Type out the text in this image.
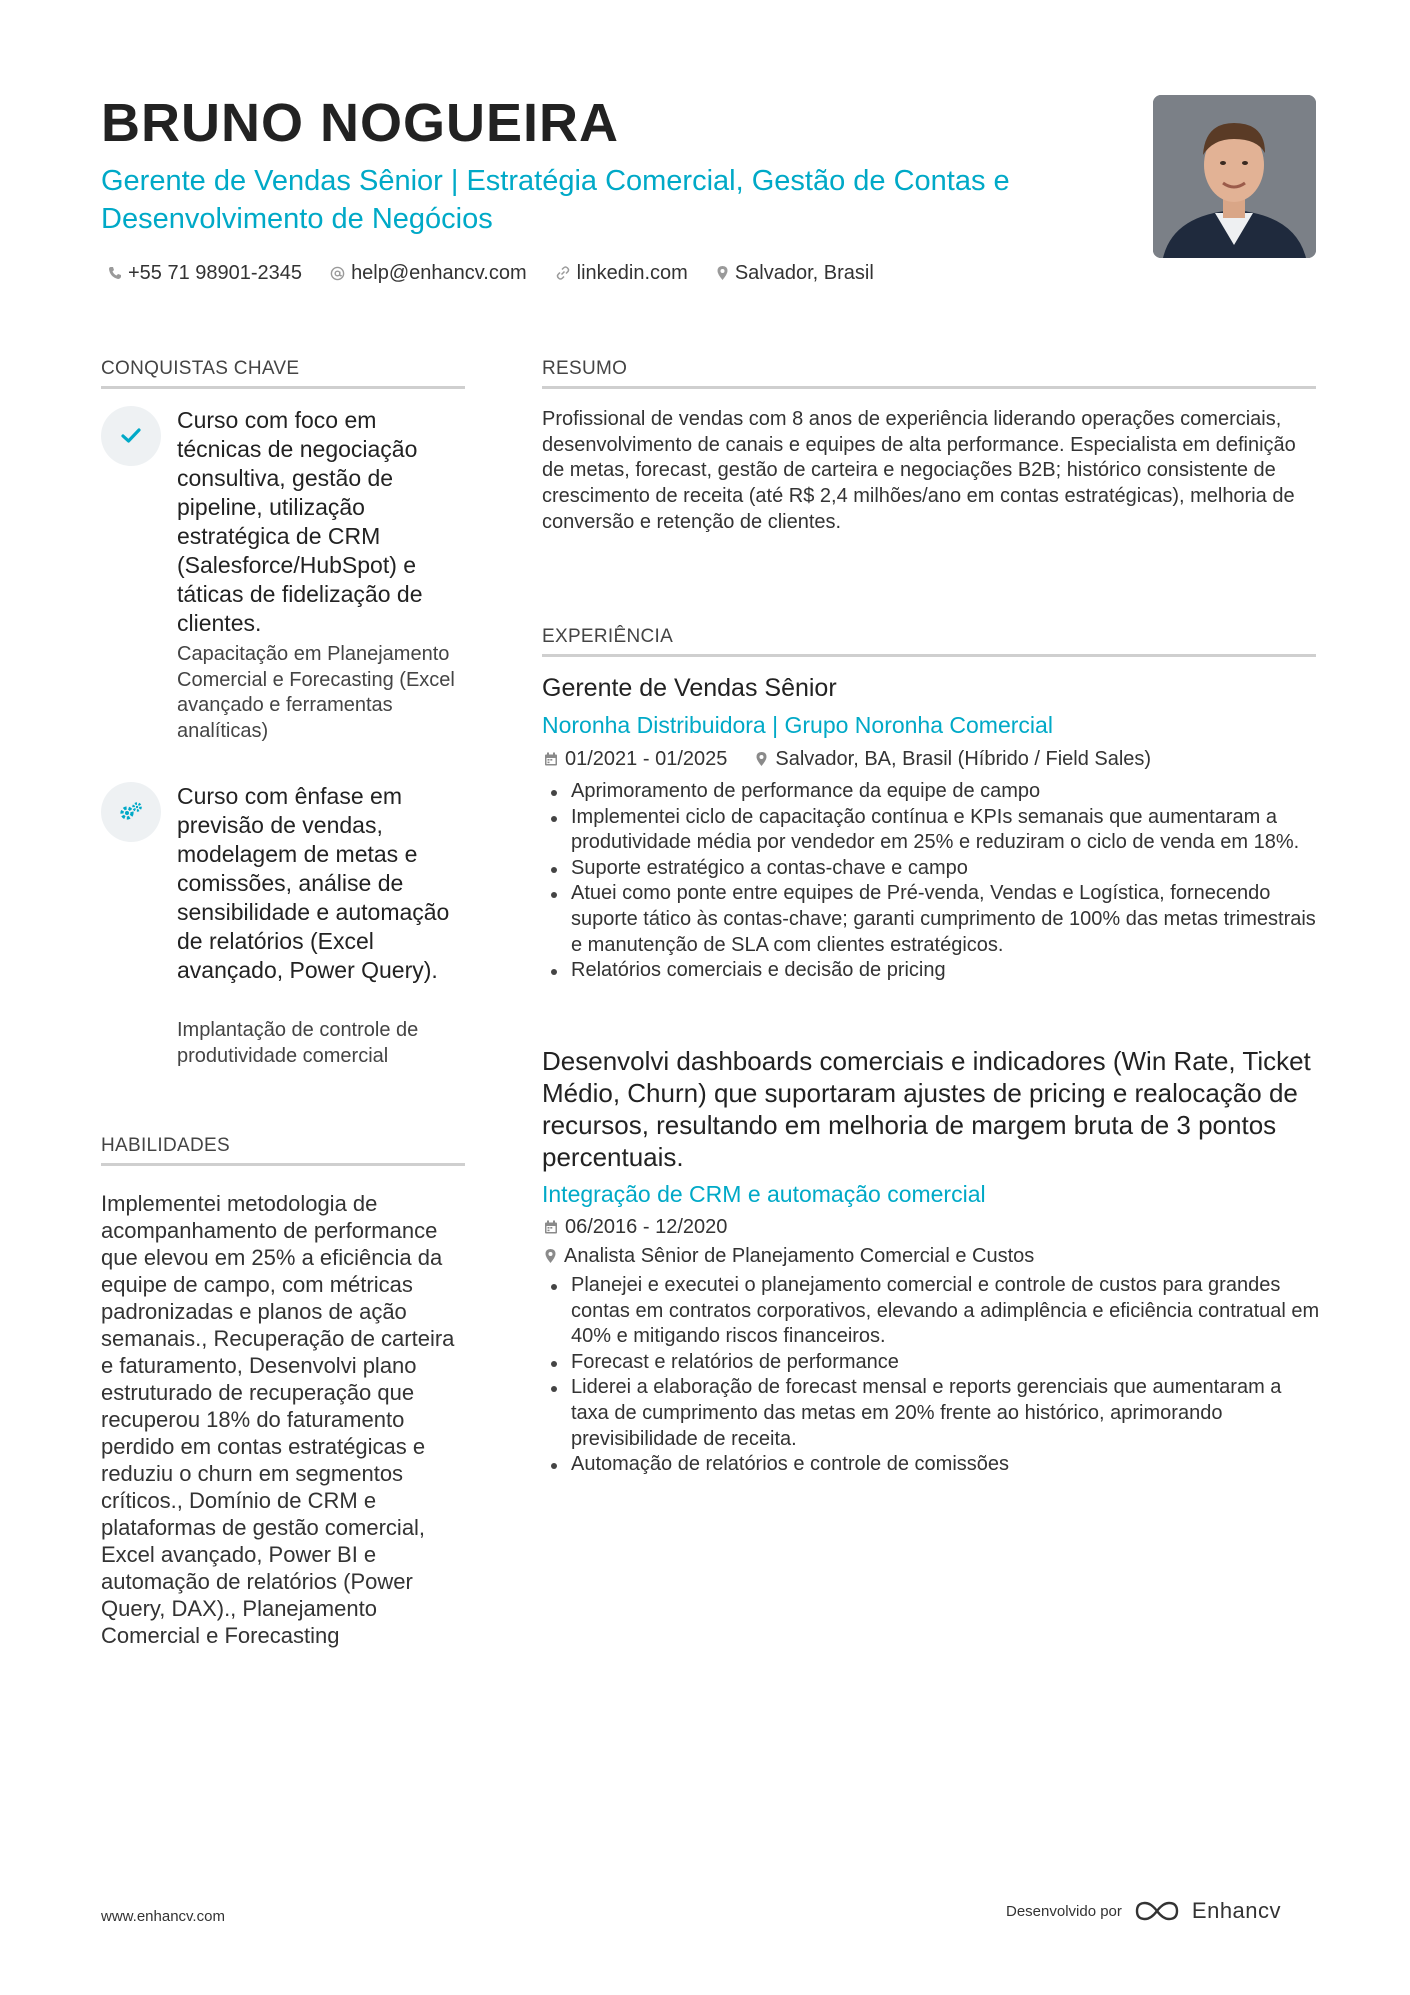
BRUNO NOGUEIRA
Gerente de Vendas Sênior | Estratégia Comercial, Gestão de Contas e Desenvolvimento de Negócios
+55 71 98901-2345 help@enhancv.com	linkedin.com Salvador, Brasil
CONQUISTAS CHAVE
Curso com foco em técnicas de negociação consultiva, gestão de pipeline, utilização estratégica de CRM (Salesforce/HubSpot) e táticas de fidelização de clientes.
Capacitação em Planejamento Comercial e Forecasting (Excel avançado e ferramentas analíticas)
Curso com ênfase em previsão de vendas, modelagem de metas e comissões, análise de sensibilidade e automação de relatórios (Excel avançado, Power Query).
Implantação de controle de produtividade comercial
HABILIDADES
Implementei metodologia de acompanhamento de performance que elevou em 25% a eficiência da equipe de campo, com métricas padronizadas e planos de ação semanais., Recuperação de carteira e faturamento, Desenvolvi plano estruturado de recuperação que recuperou 18% do faturamento perdido em contas estratégicas e reduziu o churn em segmentos críticos., Domínio de CRM e plataformas de gestão comercial, Excel avançado, Power BI e automação de relatórios (Power Query, DAX)., Planejamento Comercial e Forecasting
RESUMO
Profissional de vendas com 8 anos de experiência liderando operações comerciais, desenvolvimento de canais e equipes de alta performance. Especialista em definição de metas, forecast, gestão de carteira e negociações B2B; histórico consistente de crescimento de receita (até R$ 2,4 milhões/ano em contas estratégicas), melhoria de conversão e retenção de clientes.
EXPERIÊNCIA
Gerente de Vendas Sênior
Noronha Distribuidora | Grupo Noronha Comercial
01/2021 - 01/2025 Salvador, BA, Brasil (Híbrido / Field Sales)
Aprimoramento de performance da equipe de campo
Implementei ciclo de capacitação contínua e KPIs semanais que aumentaram a produtividade média por vendedor em 25% e reduziram o ciclo de venda em 18%.
Suporte estratégico a contas-chave e campo
Atuei como ponte entre equipes de Pré-venda, Vendas e Logística, fornecendo suporte tático às contas-chave; garanti cumprimento de 100% das metas trimestrais e manutenção de SLA com clientes estratégicos.
Relatórios comerciais e decisão de pricing
Desenvolvi dashboards comerciais e indicadores (Win Rate, Ticket Médio, Churn) que suportaram ajustes de pricing e realocação de recursos, resultando em melhoria de margem bruta de 3 pontos percentuais.
Integração de CRM e automação comercial
06/2016 - 12/2020
Analista Sênior de Planejamento Comercial e Custos
Planejei e executei o planejamento comercial e controle de custos para grandes contas em contratos corporativos, elevando a adimplência e eficiência contratual em 40% e mitigando riscos financeiros.
Forecast e relatórios de performance
Liderei a elaboração de forecast mensal e reports gerenciais que aumentaram a taxa de cumprimento das metas em 20% frente ao histórico, aprimorando previsibilidade de receita.
Automação de relatórios e controle de comissões
www.enhancv.com	Desenvolvido por	Enhancv
